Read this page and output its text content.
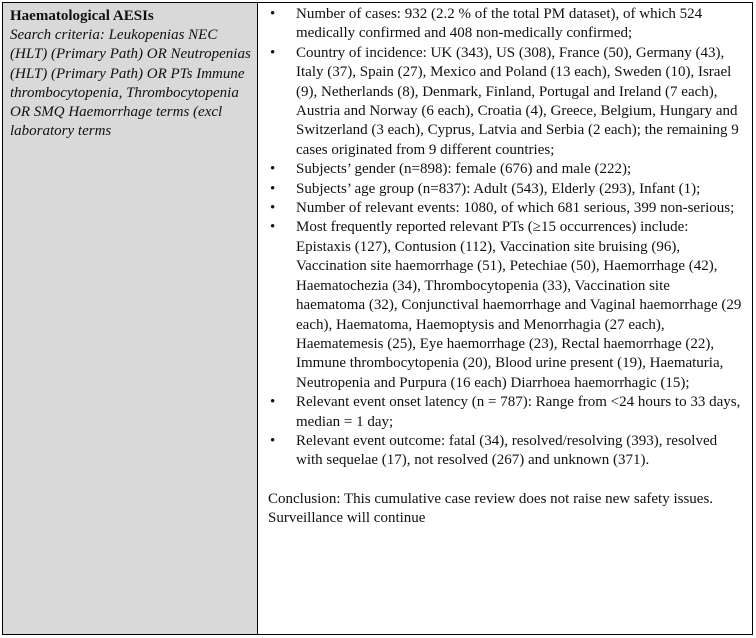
Haematological AESIs

Search criteria: Leukopenias NEC (HLT) (Primary Path) OR Neutropenias (HLT) (Primary Path) OR PTs Immune thrombocytopenia, Thrombocytopenia OR SMQ Haemorrhage terms (excl laboratory terms

• Number of cases: 932 (2.2 % of the total PM dataset), of which 524 medically confirmed and 408 non-medically confirmed;
• Country of incidence: UK (343), US (308), France (50), Germany (43), Italy (37), Spain (27), Mexico and Poland (13 each), Sweden (10), Israel (9), Netherlands (8), Denmark, Finland, Portugal and Ireland (7 each), Austria and Norway (6 each), Croatia (4), Greece, Belgium, Hungary and Switzerland (3 each), Cyprus, Latvia and Serbia (2 each); the remaining 9 cases originated from 9 different countries;
• Subjects’ gender (n=898): female (676) and male (222);
• Subjects’ age group (n=837): Adult (543), Elderly (293), Infant (1);
• Number of relevant events: 1080, of which 681 serious, 399 non-serious;
• Most frequently reported relevant PTs (≥15 occurrences) include: Epistaxis (127), Contusion (112), Vaccination site bruising (96), Vaccination site haemorrhage (51), Petechiae (50), Haemorrhage (42), Haematochezia (34), Thrombocytopenia (33), Vaccination site haematoma (32), Conjunctival haemorrhage and Vaginal haemorrhage (29 each), Haematoma, Haemoptysis and Menorrhagia (27 each), Haematemesis (25), Eye haemorrhage (23), Rectal haemorrhage (22), Immune thrombocytopenia (20), Blood urine present (19), Haematuria, Neutropenia and Purpura (16 each) Diarrhoea haemorrhagic (15);
• Relevant event onset latency (n = 787): Range from <24 hours to 33 days, median = 1 day;
• Relevant event outcome: fatal (34), resolved/resolving (393), resolved with sequelae (17), not resolved (267) and unknown (371).

Conclusion: This cumulative case review does not raise new safety issues. Surveillance will continue
